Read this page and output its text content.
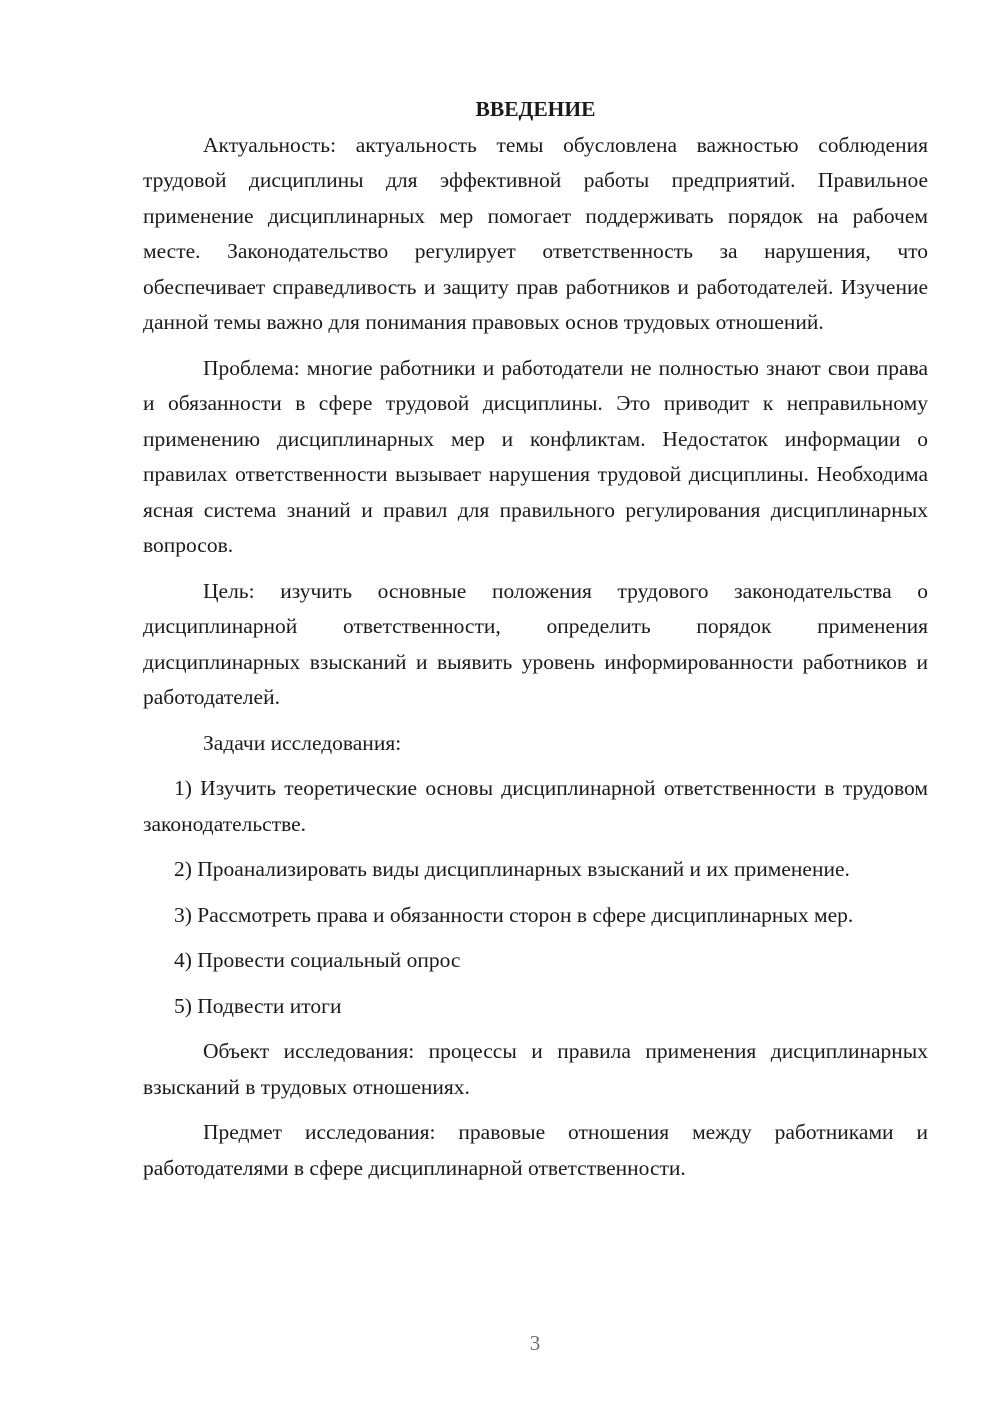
ВВЕДЕНИЕ

Актуальность: актуальность темы обусловлена важностью соблюдения трудовой дисциплины для эффективной работы предприятий. Правильное применение дисциплинарных мер помогает поддерживать порядок на рабочем месте. Законодательство регулирует ответственность за нарушения, что обеспечивает справедливость и защиту прав работников и работодателей. Изучение данной темы важно для понимания правовых основ трудовых отношений.

Проблема: многие работники и работодатели не полностью знают свои права и обязанности в сфере трудовой дисциплины. Это приводит к неправильному применению дисциплинарных мер и конфликтам. Недостаток информации о правилах ответственности вызывает нарушения трудовой дисциплины. Необходима ясная система знаний и правил для правильного регулирования дисциплинарных вопросов.

Цель: изучить основные положения трудового законодательства о дисциплинарной ответственности, определить порядок применения дисциплинарных взысканий и выявить уровень информированности работников и работодателей.

Задачи исследования:

1) Изучить теоретические основы дисциплинарной ответственности в трудовом законодательстве.

2) Проанализировать виды дисциплинарных взысканий и их применение.

3) Рассмотреть права и обязанности сторон в сфере дисциплинарных мер.

4) Провести социальный опрос

5) Подвести итоги

Объект исследования: процессы и правила применения дисциплинарных взысканий в трудовых отношениях.

Предмет исследования: правовые отношения между работниками и работодателями в сфере дисциплинарной ответственности.

3
